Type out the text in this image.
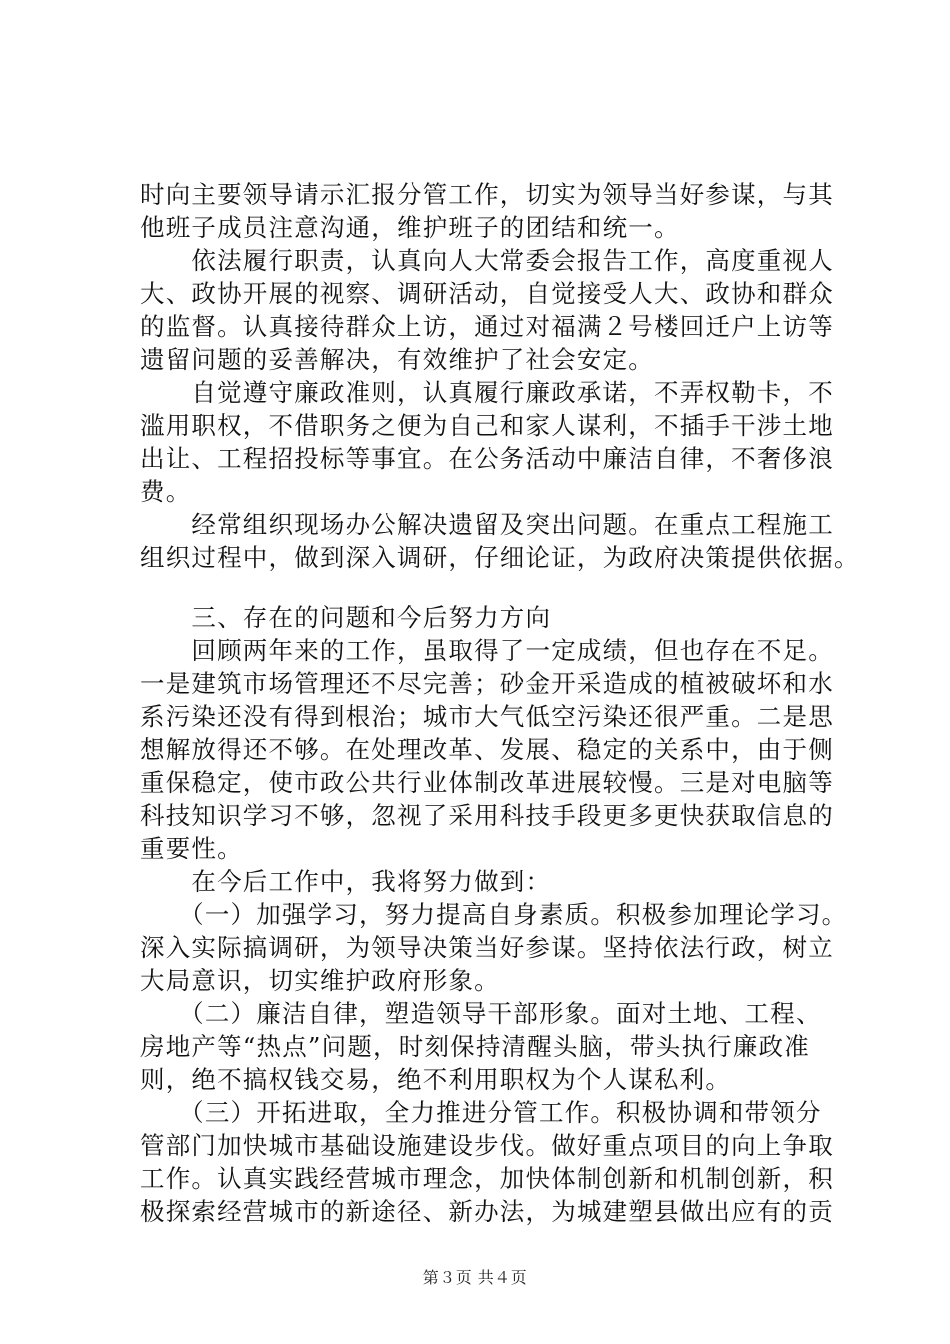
时向主要领导请示汇报分管工作，切实为领导当好参谋，与其
他班子成员注意沟通，维护班子的团结和统一。
　　依法履行职责，认真向人大常委会报告工作，高度重视人
大、政协开展的视察、调研活动，自觉接受人大、政协和群众
的监督。认真接待群众上访，通过对福满２号楼回迁户上访等
遗留问题的妥善解决，有效维护了社会安定。
　　自觉遵守廉政准则，认真履行廉政承诺，不弄权勒卡，不
滥用职权，不借职务之便为自己和家人谋利，不插手干涉土地
出让、工程招投标等事宜。在公务活动中廉洁自律，不奢侈浪
费。
　　经常组织现场办公解决遗留及突出问题。在重点工程施工
组织过程中，做到深入调研，仔细论证，为政府决策提供依据。
　　三、存在的问题和今后努力方向
　　回顾两年来的工作，虽取得了一定成绩，但也存在不足。
一是建筑市场管理还不尽完善；砂金开采造成的植被破坏和水
系污染还没有得到根治；城市大气低空污染还很严重。二是思
想解放得还不够。在处理改革、发展、稳定的关系中，由于侧
重保稳定，使市政公共行业体制改革进展较慢。三是对电脑等
科技知识学习不够，忽视了采用科技手段更多更快获取信息的
重要性。
　　在今后工作中，我将努力做到：
　　（一）加强学习，努力提高自身素质。积极参加理论学习。
深入实际搞调研，为领导决策当好参谋。坚持依法行政，树立
大局意识，切实维护政府形象。
　　（二）廉洁自律，塑造领导干部形象。面对土地、工程、
房地产等“热点”问题，时刻保持清醒头脑，带头执行廉政准
则，绝不搞权钱交易，绝不利用职权为个人谋私利。
　　（三）开拓进取，全力推进分管工作。积极协调和带领分
管部门加快城市基础设施建设步伐。做好重点项目的向上争取
工作。认真实践经营城市理念，加快体制创新和机制创新，积
极探索经营城市的新途径、新办法，为城建塑县做出应有的贡
第３页 共４页
